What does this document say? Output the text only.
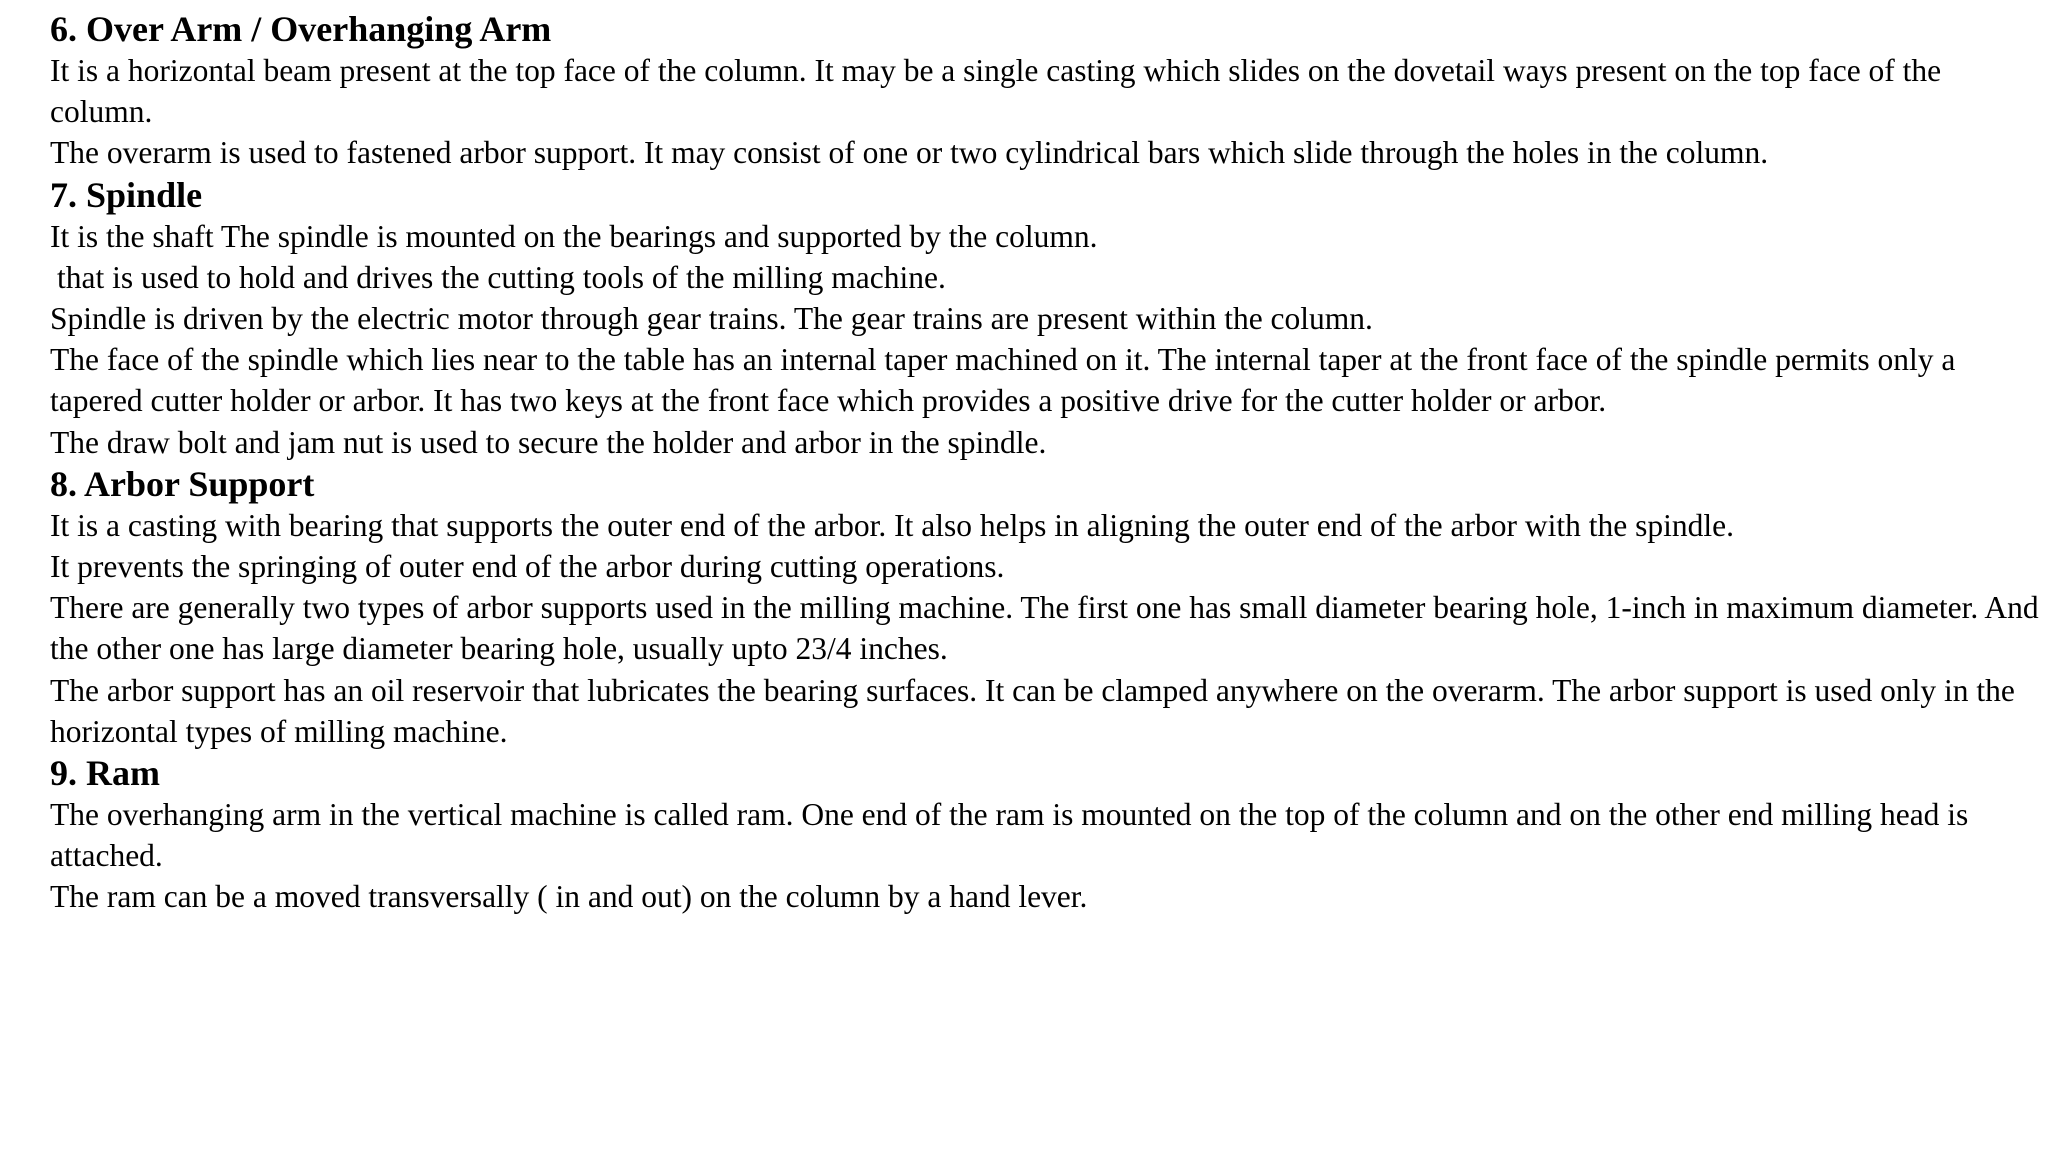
6. Over Arm / Overhanging Arm

It is a horizontal beam present at the top face of the column. It may be a single casting which slides on the dovetail ways present on the top face of the column.

The overarm is used to fastened arbor support. It may consist of one or two cylindrical bars which slide through the holes in the column.

7. Spindle

It is the shaft The spindle is mounted on the bearings and supported by the column.

that is used to hold and drives the cutting tools of the milling machine.

Spindle is driven by the electric motor through gear trains. The gear trains are present within the column.

The face of the spindle which lies near to the table has an internal taper machined on it. The internal taper at the front face of the spindle permits only a tapered cutter holder or arbor. It has two keys at the front face which provides a positive drive for the cutter holder or arbor.

The draw bolt and jam nut is used to secure the holder and arbor in the spindle.

8. Arbor Support

It is a casting with bearing that supports the outer end of the arbor. It also helps in aligning the outer end of the arbor with the spindle.

It prevents the springing of outer end of the arbor during cutting operations.

There are generally two types of arbor supports used in the milling machine. The first one has small diameter bearing hole, 1-inch in maximum diameter. And the other one has large diameter bearing hole, usually upto 23/4 inches.

The arbor support has an oil reservoir that lubricates the bearing surfaces. It can be clamped anywhere on the overarm. The arbor support is used only in the horizontal types of milling machine.

9. Ram

The overhanging arm in the vertical machine is called ram. One end of the ram is mounted on the top of the column and on the other end milling head is attached.

The ram can be a moved transversally ( in and out) on the column by a hand lever.
